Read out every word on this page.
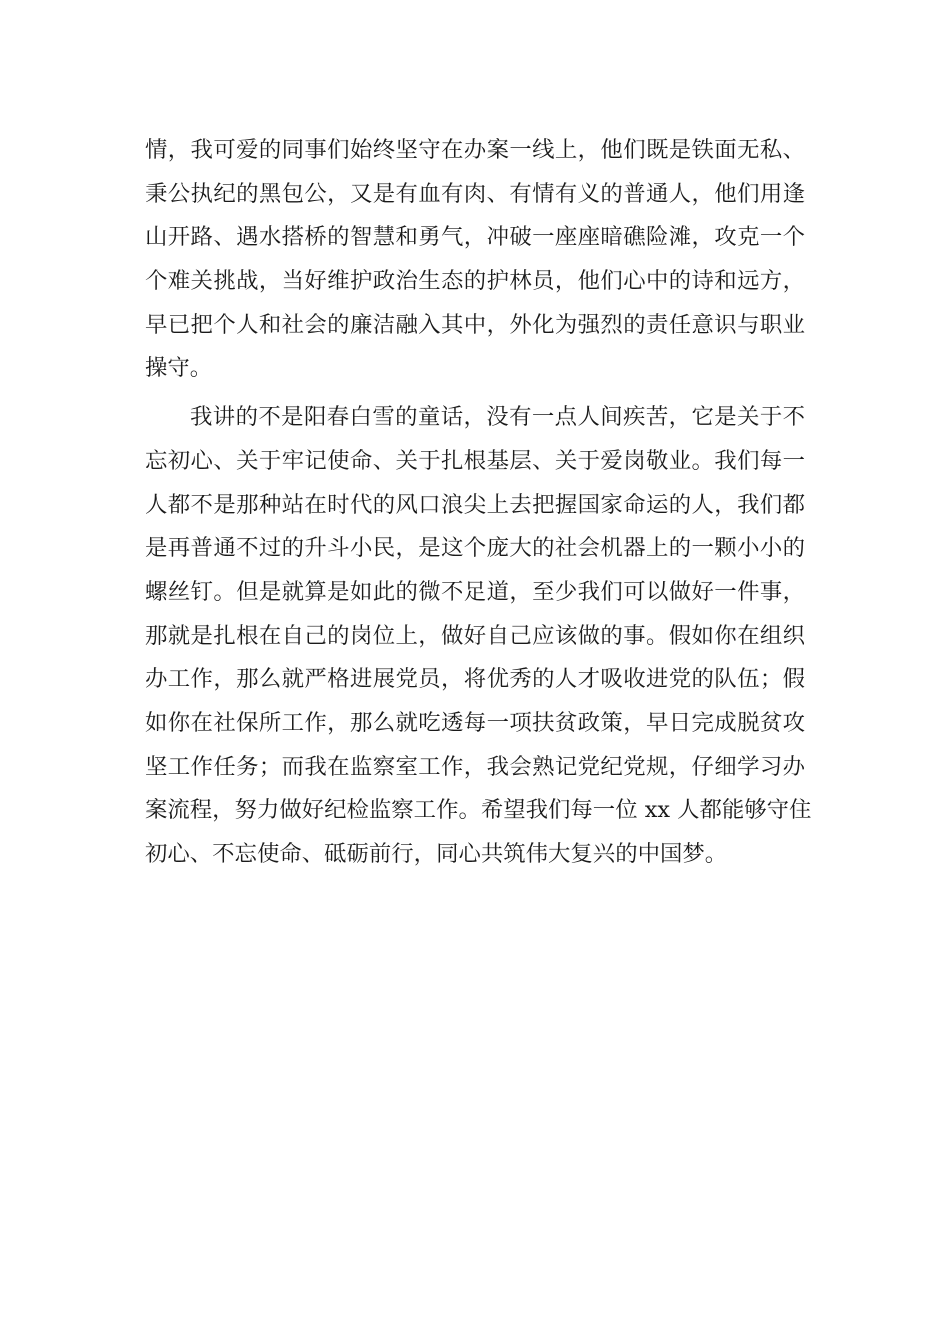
情，我可爱的同事们始终坚守在办案一线上，他们既是铁面无私、
秉公执纪的黑包公，又是有血有肉、有情有义的普通人，他们用逢
山开路、遇水搭桥的智慧和勇气，冲破一座座暗礁险滩，攻克一个
个难关挑战，当好维护政治生态的护林员，他们心中的诗和远方，
早已把个人和社会的廉洁融入其中，外化为强烈的责任意识与职业
操守。
我讲的不是阳春白雪的童话，没有一点人间疾苦，它是关于不
忘初心、关于牢记使命、关于扎根基层、关于爱岗敬业。我们每一
人都不是那种站在时代的风口浪尖上去把握国家命运的人，我们都
是再普通不过的升斗小民，是这个庞大的社会机器上的一颗小小的
螺丝钉。但是就算是如此的微不足道，至少我们可以做好一件事，
那就是扎根在自己的岗位上，做好自己应该做的事。假如你在组织
办工作，那么就严格进展党员，将优秀的人才吸收进党的队伍；假
如你在社保所工作，那么就吃透每一项扶贫政策，早日完成脱贫攻
坚工作任务；而我在监察室工作，我会熟记党纪党规，仔细学习办
案流程，努力做好纪检监察工作。希望我们每一位 xx 人都能够守住
初心、不忘使命、砥砺前行，同心共筑伟大复兴的中国梦。
